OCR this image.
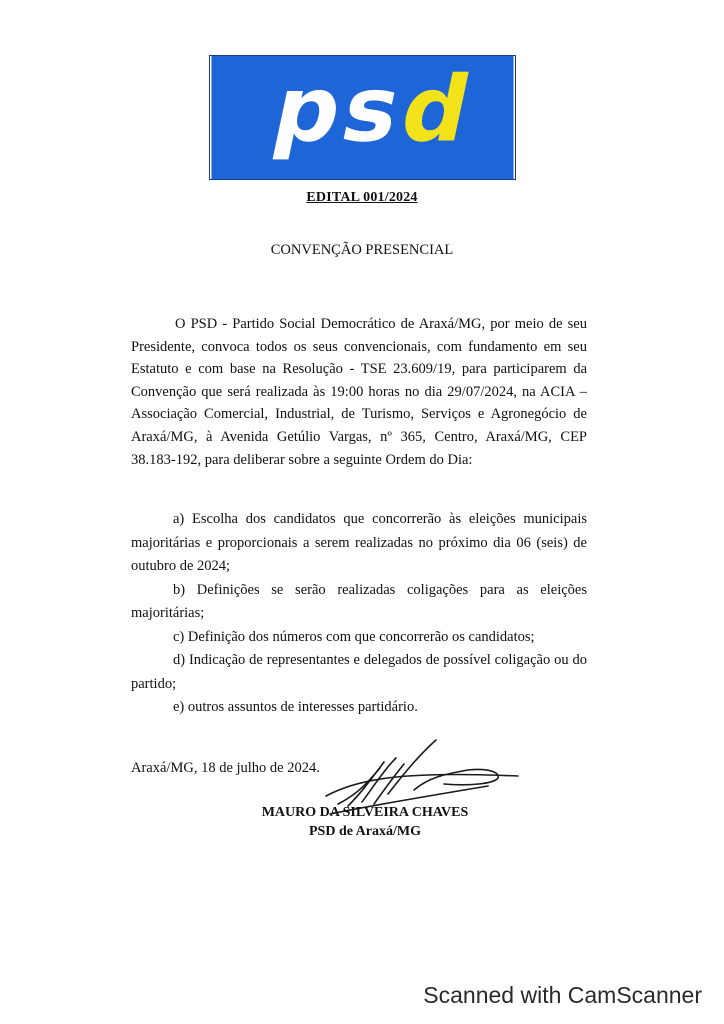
p
s
d
EDITAL 001/2024
CONVENÇÃO PRESENCIAL

O PSD - Partido Social Democrático de Araxá/MG, por meio de seu Presidente, convoca todos os seus convencionais, com fundamento em seu Estatuto e com base na Resolução - TSE 23.609/19, para participarem da Convenção que será realizada às 19:00 horas no dia 29/07/2024, na ACIA – Associação Comercial, Industrial, de Turismo, Serviços e Agronegócio de Araxá/MG, à Avenida Getúlio Vargas, nº 365, Centro, Araxá/MG, CEP 38.183-192, para deliberar sobre a seguinte Ordem do Dia:

a) Escolha dos candidatos que concorrerão às eleições municipais majoritárias e proporcionais a serem realizadas no próximo dia 06 (seis) de outubro de 2024;

b) Definições se serão realizadas coligações para as eleições majoritárias;

c) Definição dos números com que concorrerão os candidatos;

d) Indicação de representantes e delegados de possível coligação ou do partido;

e) outros assuntos de interesses partidário.

Araxá/MG, 18 de julho de 2024.
MAURO DA SILVEIRA CHAVES
PSD de Araxá/MG
Scanned with CamScanner
